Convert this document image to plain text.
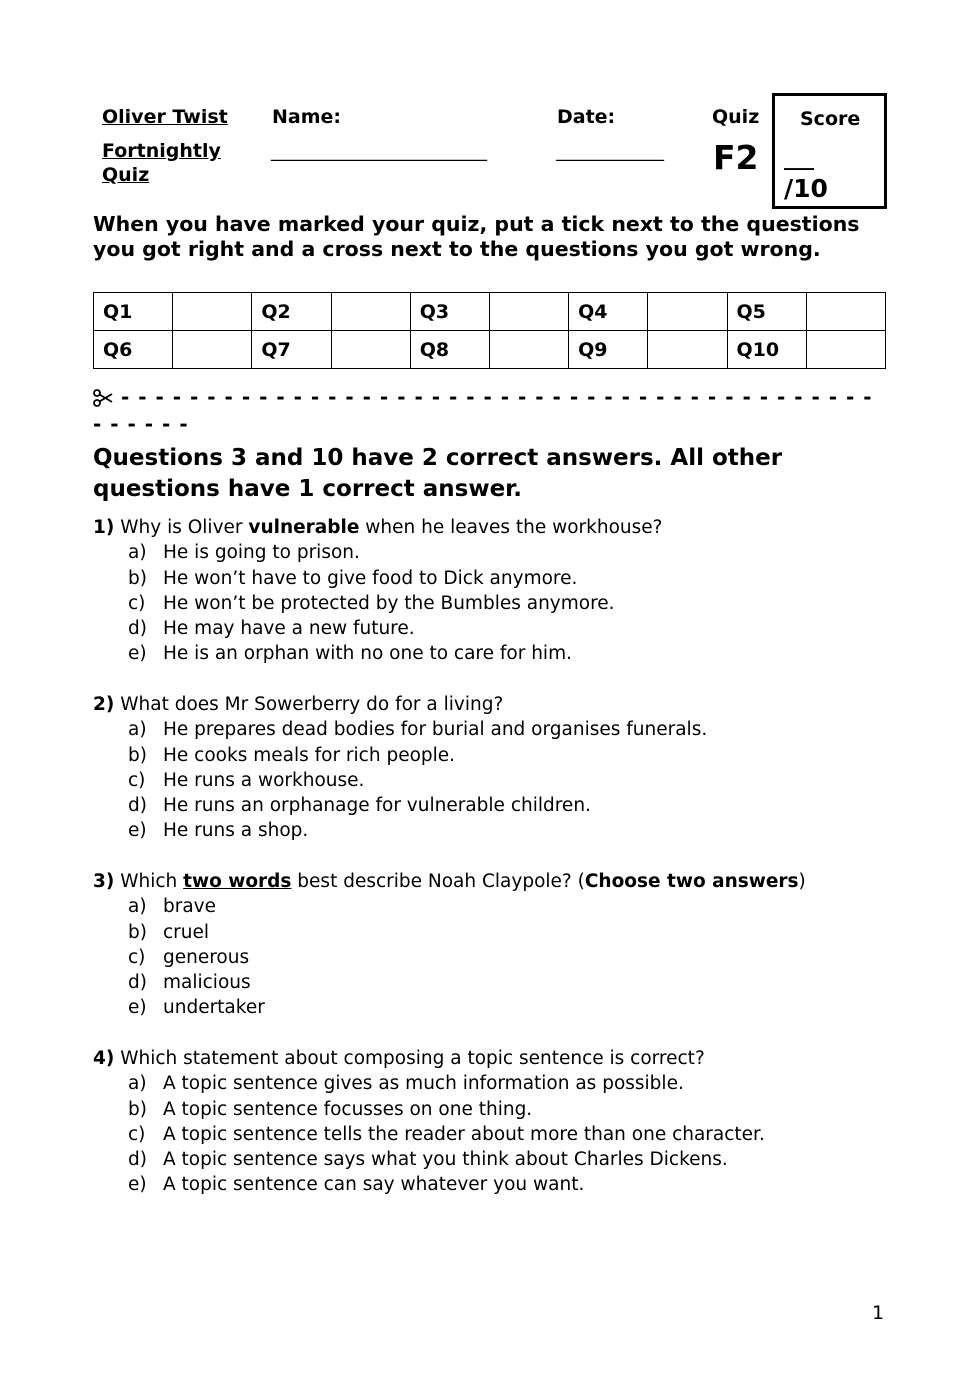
Oliver Twist
Fortnightly
Quiz
Name:
________________________
Date:
____________
Quiz
F2
Score
___
/10
When you have marked your quiz, put a tick next to the questions you got right and a cross next to the questions you got wrong.
Q1		Q2		Q3		Q4		Q5	
Q6		Q7		Q8		Q9		Q10	
- - - - - - - - - - - - - - - - - - - - - - - - - - - - - - - - - - - - - - - - - - - - - - - - - -
Questions 3 and 10 have 2 correct answers. All other questions have 1 correct answer.
1) Why is Oliver vulnerable when he leaves the workhouse?
a) He is going to prison.
b) He won’t have to give food to Dick anymore.
c) He won’t be protected by the Bumbles anymore.
d) He may have a new future.
e) He is an orphan with no one to care for him.
2) What does Mr Sowerberry do for a living?
a) He prepares dead bodies for burial and organises funerals.
b) He cooks meals for rich people.
c) He runs a workhouse.
d) He runs an orphanage for vulnerable children.
e) He runs a shop.
3) Which two words best describe Noah Claypole? (Choose two answers)
a) brave
b) cruel
c) generous
d) malicious
e) undertaker
4) Which statement about composing a topic sentence is correct?
a) A topic sentence gives as much information as possible.
b) A topic sentence focusses on one thing.
c) A topic sentence tells the reader about more than one character.
d) A topic sentence says what you think about Charles Dickens.
e) A topic sentence can say whatever you want.
1
